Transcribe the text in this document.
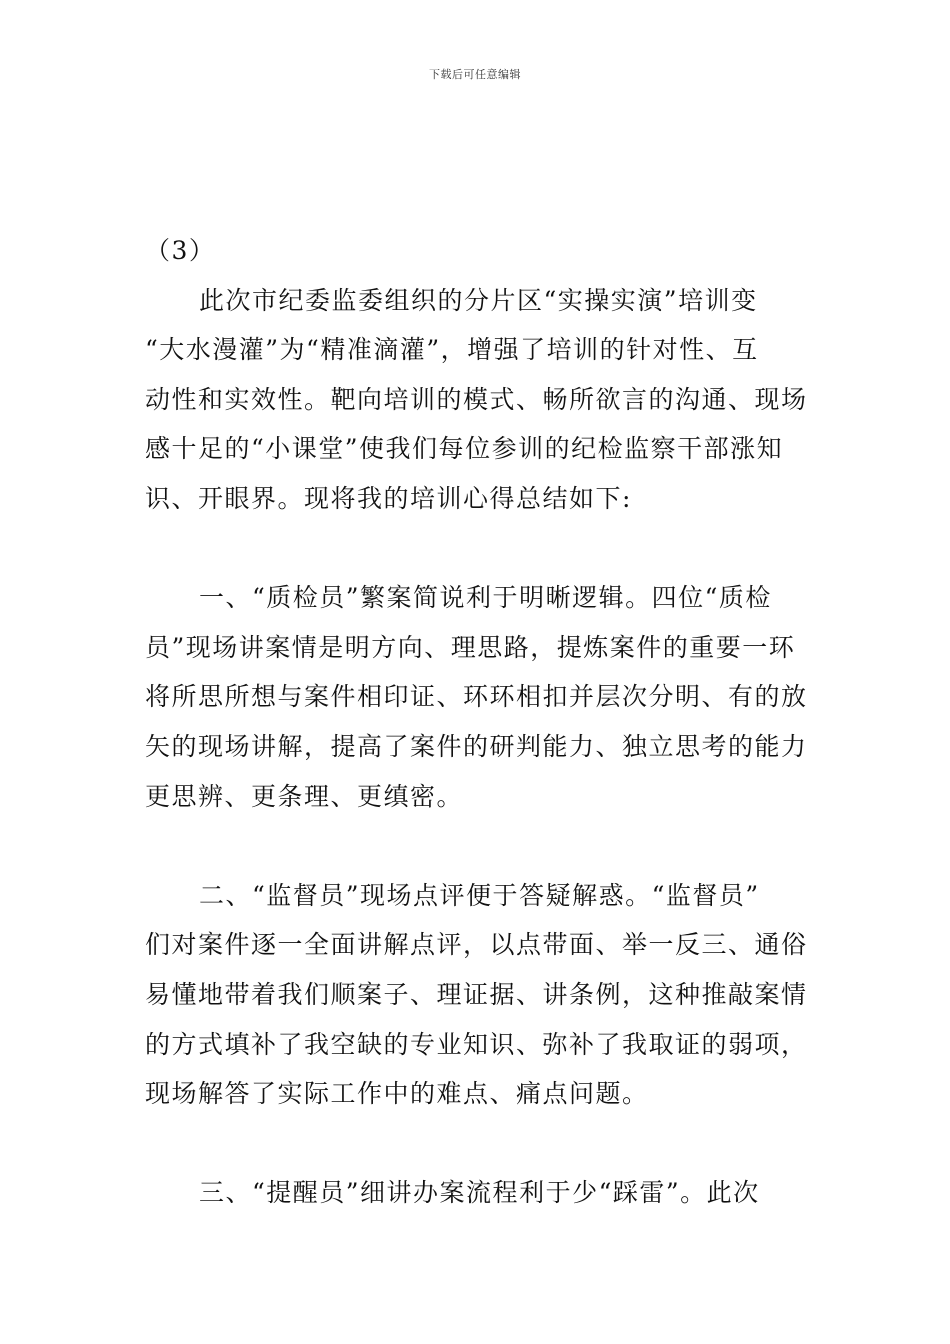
下载后可任意编辑
（3）
此次市纪委监委组织的分片区“实操实演”培训变
“大水漫灌”为“精准滴灌”，增强了培训的针对性、互
动性和实效性。靶向培训的模式、畅所欲言的沟通、现场
感十足的“小课堂”使我们每位参训的纪检监察干部涨知
识、开眼界。现将我的培训心得总结如下:
一、“质检员”繁案简说利于明晰逻辑。四位“质检
员”现场讲案情是明方向、理思路，提炼案件的重要一环
将所思所想与案件相印证、环环相扣并层次分明、有的放
矢的现场讲解，提高了案件的研判能力、独立思考的能力
更思辨、更条理、更缜密。
二、“监督员”现场点评便于答疑解惑。“监督员”
们对案件逐一全面讲解点评，以点带面、举一反三、通俗
易懂地带着我们顺案子、理证据、讲条例，这种推敲案情
的方式填补了我空缺的专业知识、弥补了我取证的弱项，
现场解答了实际工作中的难点、痛点问题。
三、“提醒员”细讲办案流程利于少“踩雷”。此次
